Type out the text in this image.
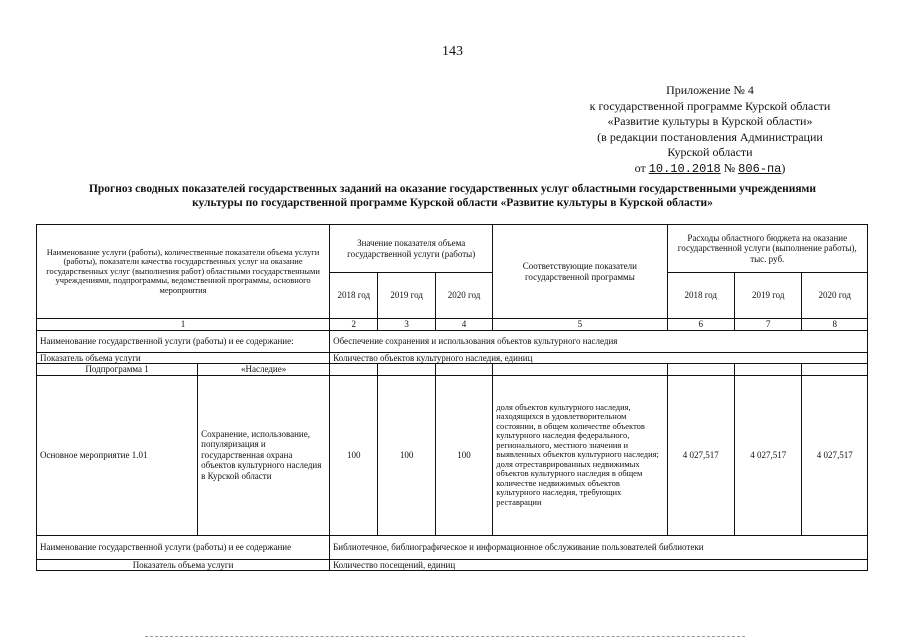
143
Приложение № 4
к государственной программе Курской области
«Развитие культуры в Курской области»
(в редакции постановления Администрации
Курской области
от 10.10.2018 № 806-па)
Прогноз сводных показателей государственных заданий на оказание государственных услуг областными государственными учреждениями
культуры по государственной программе Курской области «Развитие культуры в Курской области»
Наименование услуги (работы), количественные показатели объема услуги (работы), показатели качества государственных услуг на оказание государственных услуг (выполнения работ) областными государственными учреждениями, подпрограммы, ведомственной программы, основного мероприятия		Значение показателя объема государственной услуги (работы)			Соответствующие показатели государственной программы	Расходы областного бюджета на оказание государственной услуги (выполнение работы), тыс. руб.		
		2018 год	2019 год	2020 год		2018 год	2019 год	2020 год
1		2	3	4	5	6	7	8
Наименование государственной услуги (работы) и ее содержание:		Обеспечение сохранения и использования объектов культурного наследия						
Показатель объема услуги		Количество объектов культурного наследия, единиц						
Подпрограмма 1	«Наследие»							
Основное мероприятие 1.01	Сохранение, использование, популяризация и государственная охрана объектов культурного наследия в Курской области	100	100	100	доля объектов культурного наследия, находящихся в удовлетворительном состоянии, в общем количестве объектов культурного наследия федерального, регионального, местного значения и выявленных объектов культурного наследия; доля отреставрированных недвижимых объектов культурного наследия в общем количестве недвижимых объектов культурного наследия, требующих реставрации	4 027,517	4 027,517	4 027,517
Наименование государственной услуги (работы) и ее содержание		Библиотечное, библиографическое и информационное обслуживание пользователей библиотеки						
Показатель объема услуги		Количество посещений, единиц						
